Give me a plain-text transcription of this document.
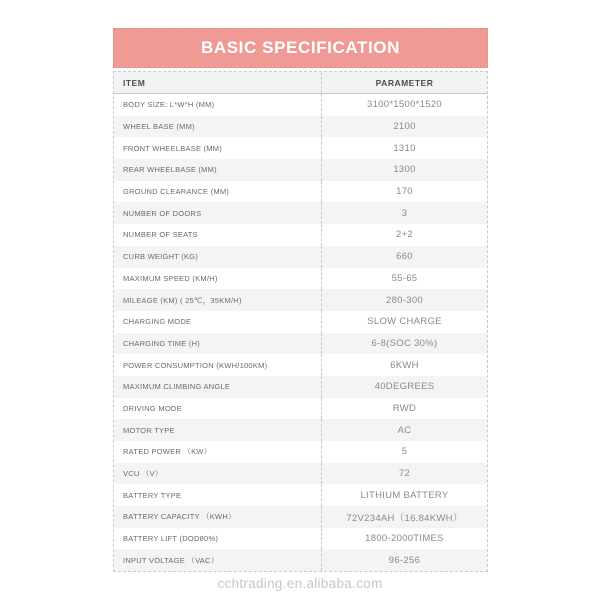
BASIC SPECIFICATION
ITEM	PARAMETER
BODY SIZE: L*W*H (MM)	3100*1500*1520
WHEEL BASE (MM)	2100
FRONT WHEELBASE (MM)	1310
REAR WHEELBASE (MM)	1300
GROUND CLEARANCE (MM)	170
NUMBER OF DOORS	3
NUMBER OF SEATS	2+2
CURB WEIGHT (KG)	660
MAXIMUM SPEED (KM/H)	55-65
MILEAGE (KM) ( 25℃，35KM/H)	280-300
CHARGING MODE	SLOW CHARGE
CHARGING TIME (H)	6-8(SOC 30%)
POWER CONSUMPTION (KWH/100KM)	6KWH
MAXIMUM CLIMBING ANGLE	40DEGREES
DRIVING MODE	RWD
MOTOR TYPE	AC
RATED POWER （KW）	5
VCU （V）	72
BATTERY TYPE	LITHIUM BATTERY
BATTERY CAPACITY （KWH）	72V234AH（16.84KWH）
BATTERY LIFT (DOD80%)	1800-2000TIMES
INPUT VOLTAGE （VAC）	96-256
cchtrading.en.alibaba.com
